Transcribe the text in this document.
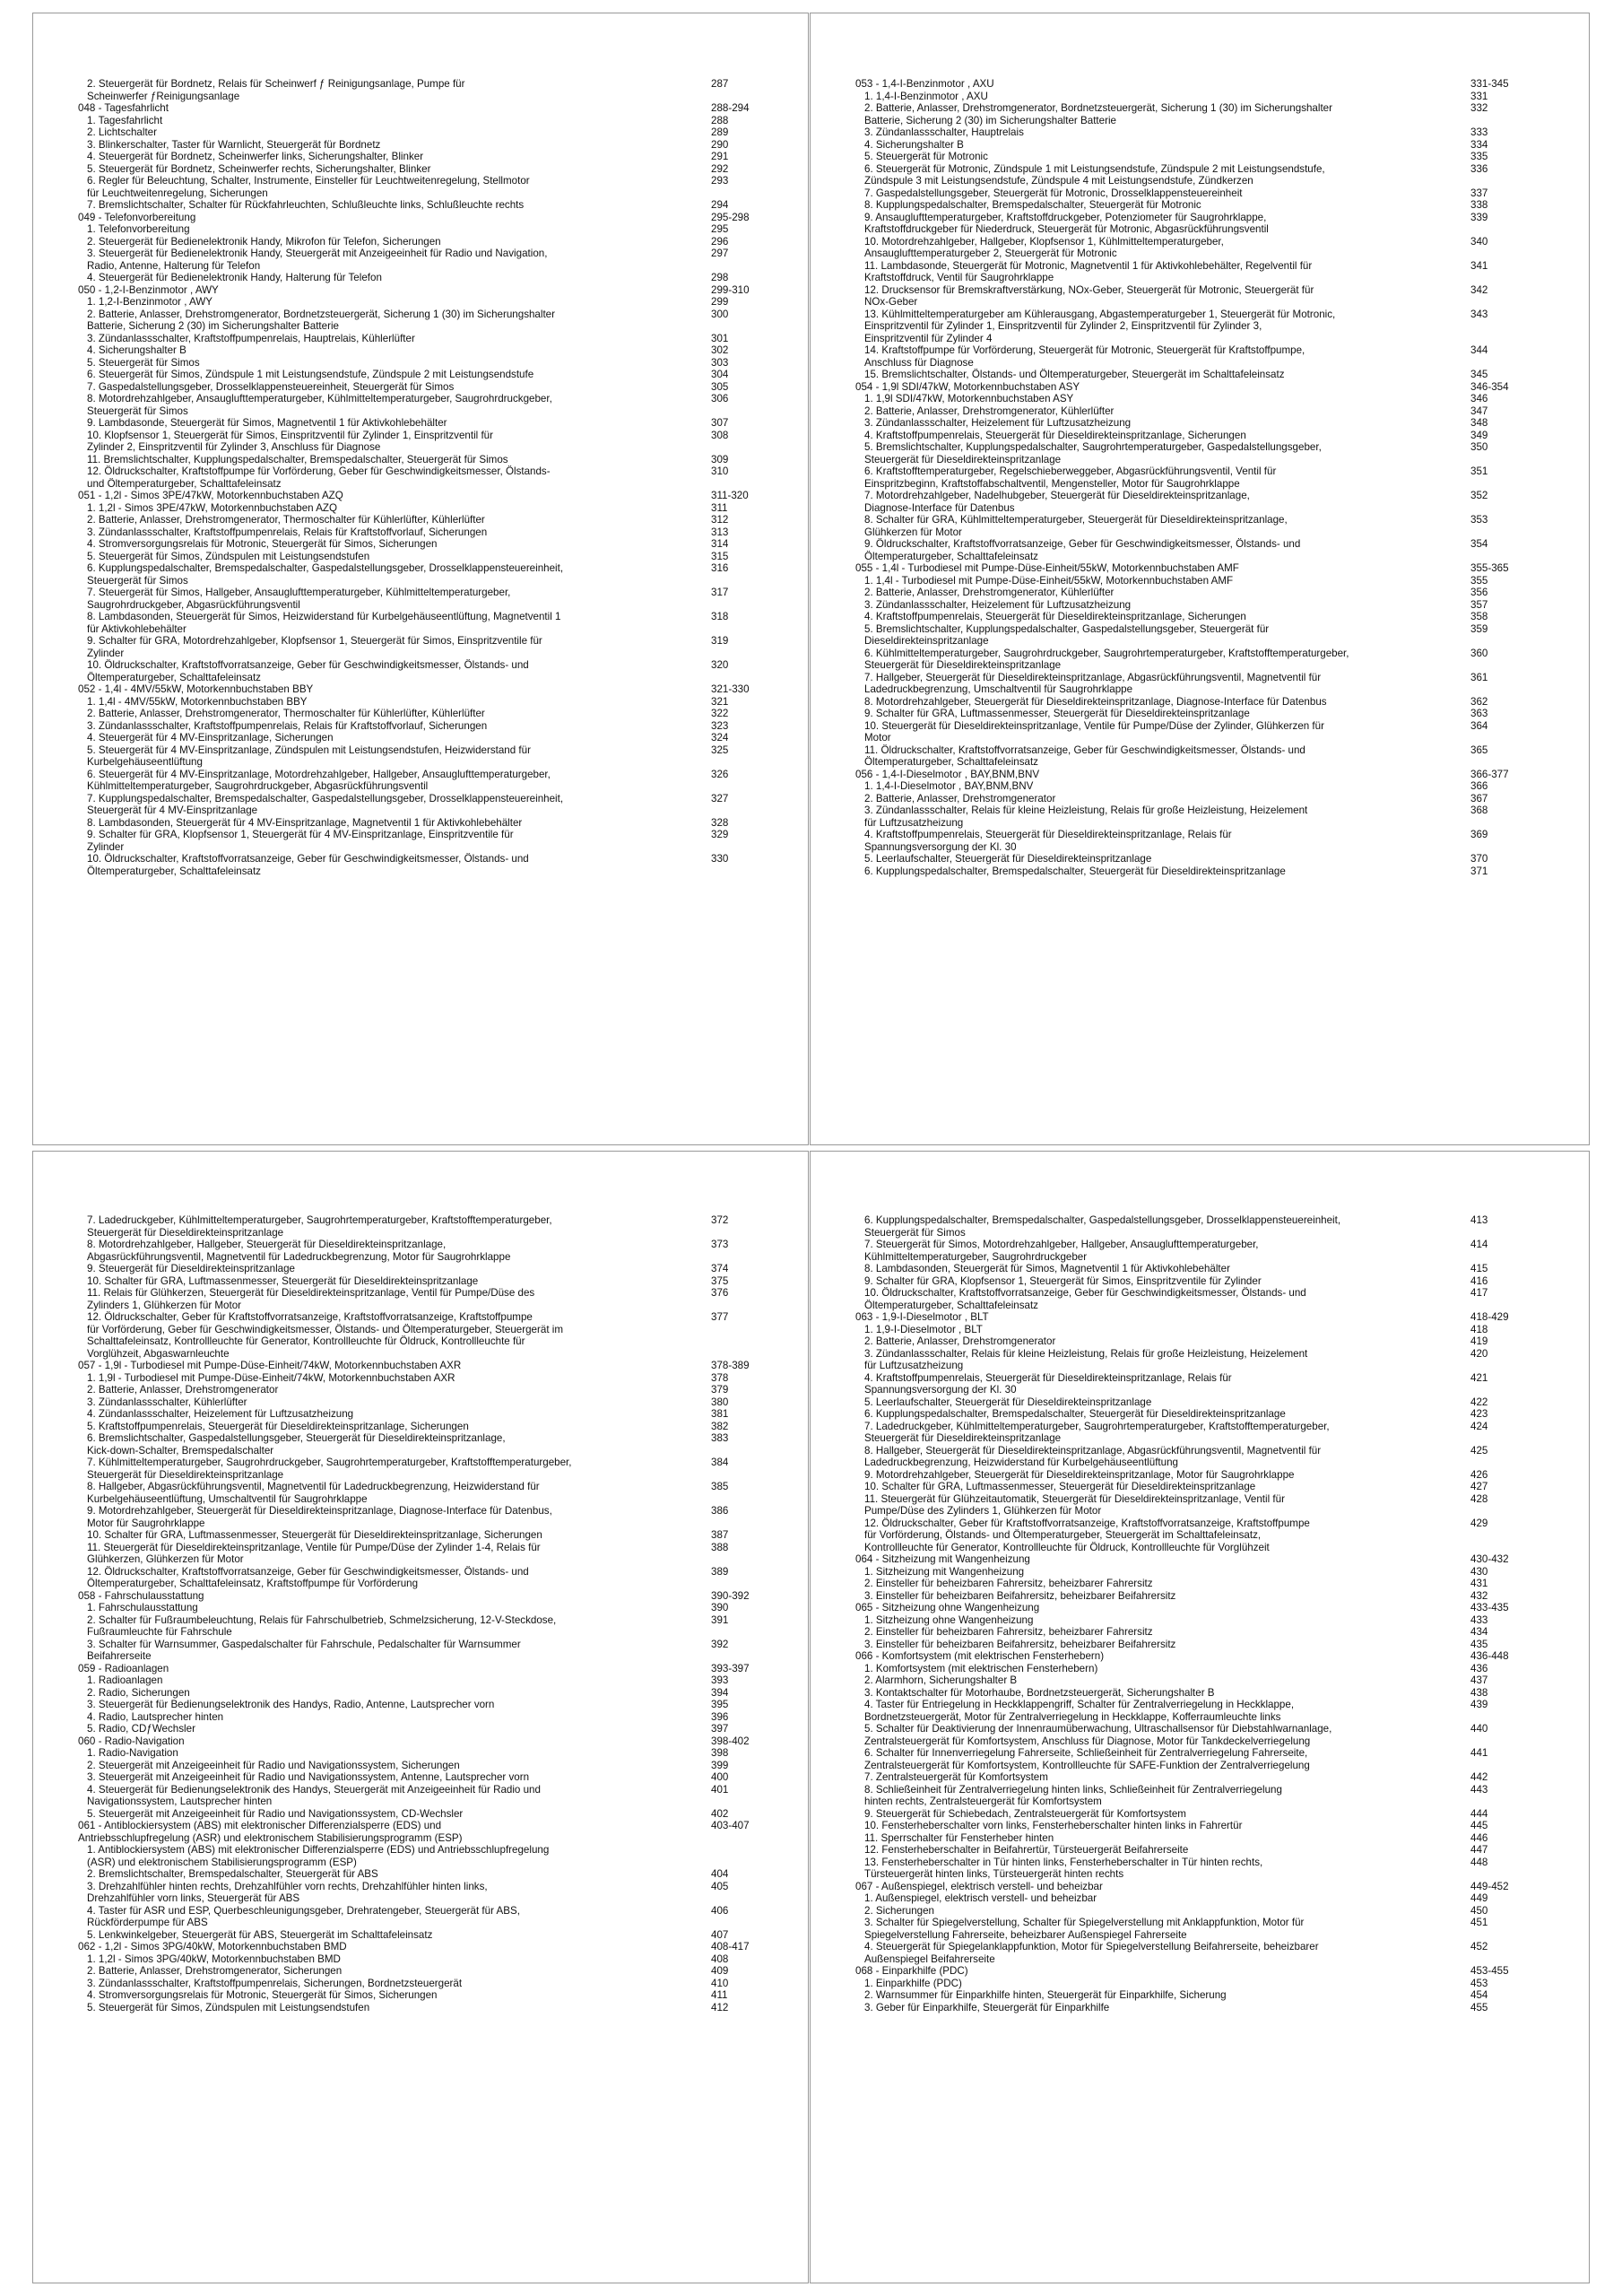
2. Steuergerät für Bordnetz, Relais für Scheinwerf ƒ Reinigungsanlage, Pumpe für	287
Scheinwerfer ƒReinigungsanlage
048 - Tagesfahrlicht	288-294
1. Tagesfahrlicht	288
2. Lichtschalter	289
3. Blinkerschalter, Taster für Warnlicht, Steuergerät für Bordnetz	290
4. Steuergerät für Bordnetz, Scheinwerfer links, Sicherungshalter, Blinker	291
5. Steuergerät für Bordnetz, Scheinwerfer rechts, Sicherungshalter, Blinker	292
6. Regler für Beleuchtung, Schalter, Instrumente, Einsteller für Leuchtweitenregelung, Stellmotor	293
für Leuchtweitenregelung, Sicherungen
7. Bremslichtschalter, Schalter für Rückfahrleuchten, Schlußleuchte links, Schlußleuchte rechts	294
049 - Telefonvorbereitung	295-298
1. Telefonvorbereitung	295
2. Steuergerät für Bedienelektronik Handy, Mikrofon für Telefon, Sicherungen	296
3. Steuergerät für Bedienelektronik Handy, Steuergerät mit Anzeigeeinheit für Radio und Navigation,	297
Radio, Antenne, Halterung für Telefon
4. Steuergerät für Bedienelektronik Handy, Halterung für Telefon	298
050 - 1,2-I-Benzinmotor , AWY	299-310
1. 1,2-I-Benzinmotor , AWY	299
2. Batterie, Anlasser, Drehstromgenerator, Bordnetzsteuergerät, Sicherung 1 (30) im Sicherungshalter	300
Batterie, Sicherung 2 (30) im Sicherungshalter Batterie
3. Zündanlassschalter, Kraftstoffpumpenrelais, Hauptrelais, Kühlerlüfter	301
4. Sicherungshalter B	302
5. Steuergerät für Simos	303
6. Steuergerät für Simos, Zündspule 1 mit Leistungsendstufe, Zündspule 2 mit Leistungsendstufe	304
7. Gaspedalstellungsgeber, Drosselklappensteuereinheit, Steuergerät für Simos	305
8. Motordrehzahlgeber, Ansauglufttemperaturgeber, Kühlmitteltemperaturgeber, Saugrohrdruckgeber,	306
Steuergerät für Simos
9. Lambdasonde, Steuergerät für Simos, Magnetventil 1 für Aktivkohlebehälter	307
10. Klopfsensor 1, Steuergerät für Simos, Einspritzventil für Zylinder 1, Einspritzventil für	308
Zylinder 2, Einspritzventil für Zylinder 3, Anschluss für Diagnose
11. Bremslichtschalter, Kupplungspedalschalter, Bremspedalschalter, Steuergerät für Simos	309
12. Öldruckschalter, Kraftstoffpumpe für Vorförderung, Geber für Geschwindigkeitsmesser, Ölstands-	310
und Öltemperaturgeber, Schalttafeleinsatz
051 - 1,2l - Simos 3PE/47kW, Motorkennbuchstaben AZQ	311-320
1. 1,2l - Simos 3PE/47kW, Motorkennbuchstaben AZQ	311
2. Batterie, Anlasser, Drehstromgenerator, Thermoschalter für Kühlerlüfter, Kühlerlüfter	312
3. Zündanlassschalter, Kraftstoffpumpenrelais, Relais für Kraftstoffvorlauf, Sicherungen	313
4. Stromversorgungsrelais für Motronic, Steuergerät für Simos, Sicherungen	314
5. Steuergerät für Simos, Zündspulen mit Leistungsendstufen	315
6. Kupplungspedalschalter, Bremspedalschalter, Gaspedalstellungsgeber, Drosselklappensteuereinheit,	316
Steuergerät für Simos
7. Steuergerät für Simos, Hallgeber, Ansauglufttemperaturgeber, Kühlmitteltemperaturgeber,	317
Saugrohrdruckgeber, Abgasrückführungsventil
8. Lambdasonden, Steuergerät für Simos, Heizwiderstand für Kurbelgehäuseentlüftung, Magnetventil 1	318
für Aktivkohlebehälter
9. Schalter für GRA, Motordrehzahlgeber, Klopfsensor 1, Steuergerät für Simos, Einspritzventile für	319
Zylinder
10. Öldruckschalter, Kraftstoffvorratsanzeige, Geber für Geschwindigkeitsmesser, Ölstands- und	320
Öltemperaturgeber, Schalttafeleinsatz
052 - 1,4l - 4MV/55kW, Motorkennbuchstaben BBY	321-330
1. 1,4l - 4MV/55kW, Motorkennbuchstaben BBY	321
2. Batterie, Anlasser, Drehstromgenerator, Thermoschalter für Kühlerlüfter, Kühlerlüfter	322
3. Zündanlassschalter, Kraftstoffpumpenrelais, Relais für Kraftstoffvorlauf, Sicherungen	323
4. Steuergerät für 4 MV-Einspritzanlage, Sicherungen	324
5. Steuergerät für 4 MV-Einspritzanlage, Zündspulen mit Leistungsendstufen, Heizwiderstand für	325
Kurbelgehäuseentlüftung
6. Steuergerät für 4 MV-Einspritzanlage, Motordrehzahlgeber, Hallgeber, Ansauglufttemperaturgeber,	326
Kühlmitteltemperaturgeber, Saugrohrdruckgeber, Abgasrückführungsventil
7. Kupplungspedalschalter, Bremspedalschalter, Gaspedalstellungsgeber, Drosselklappensteuereinheit,	327
Steuergerät für 4 MV-Einspritzanlage
8. Lambdasonden, Steuergerät für 4 MV-Einspritzanlage, Magnetventil 1 für Aktivkohlebehälter	328
9. Schalter für GRA, Klopfsensor 1, Steuergerät für 4 MV-Einspritzanlage, Einspritzventile für	329
Zylinder
10. Öldruckschalter, Kraftstoffvorratsanzeige, Geber für Geschwindigkeitsmesser, Ölstands- und	330
Öltemperaturgeber, Schalttafeleinsatz
053 - 1,4-I-Benzinmotor , AXU	331-345
1. 1,4-I-Benzinmotor , AXU	331
2. Batterie, Anlasser, Drehstromgenerator, Bordnetzsteuergerät, Sicherung 1 (30) im Sicherungshalter	332
Batterie, Sicherung 2 (30) im Sicherungshalter Batterie
3. Zündanlassschalter, Hauptrelais	333
4. Sicherungshalter B	334
5. Steuergerät für Motronic	335
6. Steuergerät für Motronic, Zündspule 1 mit Leistungsendstufe, Zündspule 2 mit Leistungsendstufe,	336
Zündspule 3 mit Leistungsendstufe, Zündspule 4 mit Leistungsendstufe, Zündkerzen
7. Gaspedalstellungsgeber, Steuergerät für Motronic, Drosselklappensteuereinheit	337
8. Kupplungspedalschalter, Bremspedalschalter, Steuergerät für Motronic	338
9. Ansauglufttemperaturgeber, Kraftstoffdruckgeber, Potenziometer für Saugrohrklappe,	339
Kraftstoffdruckgeber für Niederdruck, Steuergerät für Motronic, Abgasrückführungsventil
10. Motordrehzahlgeber, Hallgeber, Klopfsensor 1, Kühlmitteltemperaturgeber,	340
Ansauglufttemperaturgeber 2, Steuergerät für Motronic
11. Lambdasonde, Steuergerät für Motronic, Magnetventil 1 für Aktivkohlebehälter, Regelventil für	341
Kraftstoffdruck, Ventil für Saugrohrklappe
12. Drucksensor für Bremskraftverstärkung, NOx-Geber, Steuergerät für Motronic, Steuergerät für	342
NOx-Geber
13. Kühlmitteltemperaturgeber am Kühlerausgang, Abgastemperaturgeber 1, Steuergerät für Motronic,	343
Einspritzventil für Zylinder 1, Einspritzventil für Zylinder 2, Einspritzventil für Zylinder 3,
Einspritzventil für Zylinder 4
14. Kraftstoffpumpe für Vorförderung, Steuergerät für Motronic, Steuergerät für Kraftstoffpumpe,	344
Anschluss für Diagnose
15. Bremslichtschalter, Ölstands- und Öltemperaturgeber, Steuergerät im Schalttafeleinsatz	345
054 - 1,9l SDI/47kW, Motorkennbuchstaben ASY	346-354
1. 1,9l SDI/47kW, Motorkennbuchstaben ASY	346
2. Batterie, Anlasser, Drehstromgenerator, Kühlerlüfter	347
3. Zündanlassschalter, Heizelement für Luftzusatzheizung	348
4. Kraftstoffpumpenrelais, Steuergerät für Dieseldirekteinspritzanlage, Sicherungen	349
5. Bremslichtschalter, Kupplungspedalschalter, Saugrohrtemperaturgeber, Gaspedalstellungsgeber,	350
Steuergerät für Dieseldirekteinspritzanlage
6. Kraftstofftemperaturgeber, Regelschieberweggeber, Abgasrückführungsventil, Ventil für	351
Einspritzbeginn, Kraftstoffabschaltventil, Mengensteller, Motor für Saugrohrklappe
7. Motordrehzahlgeber, Nadelhubgeber, Steuergerät für Dieseldirekteinspritzanlage,	352
Diagnose-Interface für Datenbus
8. Schalter für GRA, Kühlmitteltemperaturgeber, Steuergerät für Dieseldirekteinspritzanlage,	353
Glühkerzen für Motor
9. Öldruckschalter, Kraftstoffvorratsanzeige, Geber für Geschwindigkeitsmesser, Ölstands- und	354
Öltemperaturgeber, Schalttafeleinsatz
055 - 1,4l - Turbodiesel mit Pumpe-Düse-Einheit/55kW, Motorkennbuchstaben AMF	355-365
1. 1,4l - Turbodiesel mit Pumpe-Düse-Einheit/55kW, Motorkennbuchstaben AMF	355
2. Batterie, Anlasser, Drehstromgenerator, Kühlerlüfter	356
3. Zündanlassschalter, Heizelement für Luftzusatzheizung	357
4. Kraftstoffpumpenrelais, Steuergerät für Dieseldirekteinspritzanlage, Sicherungen	358
5. Bremslichtschalter, Kupplungspedalschalter, Gaspedalstellungsgeber, Steuergerät für	359
Dieseldirekteinspritzanlage
6. Kühlmitteltemperaturgeber, Saugrohrdruckgeber, Saugrohrtemperaturgeber, Kraftstofftemperaturgeber,	360
Steuergerät für Dieseldirekteinspritzanlage
7. Hallgeber, Steuergerät für Dieseldirekteinspritzanlage, Abgasrückführungsventil, Magnetventil für	361
Ladedruckbegrenzung, Umschaltventil für Saugrohrklappe
8. Motordrehzahlgeber, Steuergerät für Dieseldirekteinspritzanlage, Diagnose-Interface für Datenbus	362
9. Schalter für GRA, Luftmassenmesser, Steuergerät für Dieseldirekteinspritzanlage	363
10. Steuergerät für Dieseldirekteinspritzanlage, Ventile für Pumpe/Düse der Zylinder, Glühkerzen für	364
Motor
11. Öldruckschalter, Kraftstoffvorratsanzeige, Geber für Geschwindigkeitsmesser, Ölstands- und	365
Öltemperaturgeber, Schalttafeleinsatz
056 - 1,4-I-Dieselmotor , BAY,BNM,BNV	366-377
1. 1,4-I-Dieselmotor , BAY,BNM,BNV	366
2. Batterie, Anlasser, Drehstromgenerator	367
3. Zündanlassschalter, Relais für kleine Heizleistung, Relais für große Heizleistung, Heizelement	368
für Luftzusatzheizung
4. Kraftstoffpumpenrelais, Steuergerät für Dieseldirekteinspritzanlage, Relais für	369
Spannungsversorgung der Kl. 30
5. Leerlaufschalter, Steuergerät für Dieseldirekteinspritzanlage	370
6. Kupplungspedalschalter, Bremspedalschalter, Steuergerät für Dieseldirekteinspritzanlage	371
7. Ladedruckgeber, Kühlmitteltemperaturgeber, Saugrohrtemperaturgeber, Kraftstofftemperaturgeber,	372
Steuergerät für Dieseldirekteinspritzanlage
8. Motordrehzahlgeber, Hallgeber, Steuergerät für Dieseldirekteinspritzanlage,	373
Abgasrückführungsventil, Magnetventil für Ladedruckbegrenzung, Motor für Saugrohrklappe
9. Steuergerät für Dieseldirekteinspritzanlage	374
10. Schalter für GRA, Luftmassenmesser, Steuergerät für Dieseldirekteinspritzanlage	375
11. Relais für Glühkerzen, Steuergerät für Dieseldirekteinspritzanlage, Ventil für Pumpe/Düse des	376
Zylinders 1, Glühkerzen für Motor
12. Öldruckschalter, Geber für Kraftstoffvorratsanzeige, Kraftstoffvorratsanzeige, Kraftstoffpumpe	377
für Vorförderung, Geber für Geschwindigkeitsmesser, Ölstands- und Öltemperaturgeber, Steuergerät im
Schalttafeleinsatz, Kontrollleuchte für Generator, Kontrollleuchte für Öldruck, Kontrollleuchte für
Vorglühzeit, Abgaswarnleuchte
057 - 1,9l - Turbodiesel mit Pumpe-Düse-Einheit/74kW, Motorkennbuchstaben AXR	378-389
1. 1,9l - Turbodiesel mit Pumpe-Düse-Einheit/74kW, Motorkennbuchstaben AXR	378
2. Batterie, Anlasser, Drehstromgenerator	379
3. Zündanlassschalter, Kühlerlüfter	380
4. Zündanlassschalter, Heizelement für Luftzusatzheizung	381
5. Kraftstoffpumpenrelais, Steuergerät für Dieseldirekteinspritzanlage, Sicherungen	382
6. Bremslichtschalter, Gaspedalstellungsgeber, Steuergerät für Dieseldirekteinspritzanlage,	383
Kick-down-Schalter, Bremspedalschalter
7. Kühlmitteltemperaturgeber, Saugrohrdruckgeber, Saugrohrtemperaturgeber, Kraftstofftemperaturgeber,	384
Steuergerät für Dieseldirekteinspritzanlage
8. Hallgeber, Abgasrückführungsventil, Magnetventil für Ladedruckbegrenzung, Heizwiderstand für	385
Kurbelgehäuseentlüftung, Umschaltventil für Saugrohrklappe
9. Motordrehzahlgeber, Steuergerät für Dieseldirekteinspritzanlage, Diagnose-Interface für Datenbus,	386
Motor für Saugrohrklappe
10. Schalter für GRA, Luftmassenmesser, Steuergerät für Dieseldirekteinspritzanlage, Sicherungen	387
11. Steuergerät für Dieseldirekteinspritzanlage, Ventile für Pumpe/Düse der Zylinder 1-4, Relais für	388
Glühkerzen, Glühkerzen für Motor
12. Öldruckschalter, Kraftstoffvorratsanzeige, Geber für Geschwindigkeitsmesser, Ölstands- und	389
Öltemperaturgeber, Schalttafeleinsatz, Kraftstoffpumpe für Vorförderung
058 - Fahrschulausstattung	390-392
1. Fahrschulausstattung	390
2. Schalter für Fußraumbeleuchtung, Relais für Fahrschulbetrieb, Schmelzsicherung, 12-V-Steckdose,	391
Fußraumleuchte für Fahrschule
3. Schalter für Warnsummer, Gaspedalschalter für Fahrschule, Pedalschalter für Warnsummer	392
Beifahrerseite
059 - Radioanlagen	393-397
1. Radioanlagen	393
2. Radio, Sicherungen	394
3. Steuergerät für Bedienungselektronik des Handys, Radio, Antenne, Lautsprecher vorn	395
4. Radio, Lautsprecher hinten	396
5. Radio, CDƒWechsler	397
060 - Radio-Navigation	398-402
1. Radio-Navigation	398
2. Steuergerät mit Anzeigeeinheit für Radio und Navigationssystem, Sicherungen	399
3. Steuergerät mit Anzeigeeinheit für Radio und Navigationssystem, Antenne, Lautsprecher vorn	400
4. Steuergerät für Bedienungselektronik des Handys, Steuergerät mit Anzeigeeinheit für Radio und	401
Navigationssystem, Lautsprecher hinten
5. Steuergerät mit Anzeigeeinheit für Radio und Navigationssystem, CD-Wechsler	402
061 - Antiblockiersystem (ABS) mit elektronischer Differenzialsperre (EDS) und	403-407
Antriebsschlupfregelung (ASR) und elektronischem Stabilisierungsprogramm (ESP)
1. Antiblockiersystem (ABS) mit elektronischer Differenzialsperre (EDS) und Antriebsschlupfregelung
(ASR) und elektronischem Stabilisierungsprogramm (ESP)
2. Bremslichtschalter, Bremspedalschalter, Steuergerät für ABS	404
3. Drehzahlfühler hinten rechts, Drehzahlfühler vorn rechts, Drehzahlfühler hinten links,	405
Drehzahlfühler vorn links, Steuergerät für ABS
4. Taster für ASR und ESP, Querbeschleunigungsgeber, Drehratengeber, Steuergerät für ABS,	406
Rückförderpumpe für ABS
5. Lenkwinkelgeber, Steuergerät für ABS, Steuergerät im Schalttafeleinsatz	407
062 - 1,2l - Simos 3PG/40kW, Motorkennbuchstaben BMD	408-417
1. 1,2l - Simos 3PG/40kW, Motorkennbuchstaben BMD	408
2. Batterie, Anlasser, Drehstromgenerator, Sicherungen	409
3. Zündanlassschalter, Kraftstoffpumpenrelais, Sicherungen, Bordnetzsteuergerät	410
4. Stromversorgungsrelais für Motronic, Steuergerät für Simos, Sicherungen	411
5. Steuergerät für Simos, Zündspulen mit Leistungsendstufen	412
6. Kupplungspedalschalter, Bremspedalschalter, Gaspedalstellungsgeber, Drosselklappensteuereinheit,	413
Steuergerät für Simos
7. Steuergerät für Simos, Motordrehzahlgeber, Hallgeber, Ansauglufttemperaturgeber,	414
Kühlmitteltemperaturgeber, Saugrohrdruckgeber
8. Lambdasonden, Steuergerät für Simos, Magnetventil 1 für Aktivkohlebehälter	415
9. Schalter für GRA, Klopfsensor 1, Steuergerät für Simos, Einspritzventile für Zylinder	416
10. Öldruckschalter, Kraftstoffvorratsanzeige, Geber für Geschwindigkeitsmesser, Ölstands- und	417
Öltemperaturgeber, Schalttafeleinsatz
063 - 1,9-I-Dieselmotor , BLT	418-429
1. 1,9-I-Dieselmotor , BLT	418
2. Batterie, Anlasser, Drehstromgenerator	419
3. Zündanlassschalter, Relais für kleine Heizleistung, Relais für große Heizleistung, Heizelement	420
für Luftzusatzheizung
4. Kraftstoffpumpenrelais, Steuergerät für Dieseldirekteinspritzanlage, Relais für	421
Spannungsversorgung der Kl. 30
5. Leerlaufschalter, Steuergerät für Dieseldirekteinspritzanlage	422
6. Kupplungspedalschalter, Bremspedalschalter, Steuergerät für Dieseldirekteinspritzanlage	423
7. Ladedruckgeber, Kühlmitteltemperaturgeber, Saugrohrtemperaturgeber, Kraftstofftemperaturgeber,	424
Steuergerät für Dieseldirekteinspritzanlage
8. Hallgeber, Steuergerät für Dieseldirekteinspritzanlage, Abgasrückführungsventil, Magnetventil für	425
Ladedruckbegrenzung, Heizwiderstand für Kurbelgehäuseentlüftung
9. Motordrehzahlgeber, Steuergerät für Dieseldirekteinspritzanlage, Motor für Saugrohrklappe	426
10. Schalter für GRA, Luftmassenmesser, Steuergerät für Dieseldirekteinspritzanlage	427
11. Steuergerät für Glühzeitautomatik, Steuergerät für Dieseldirekteinspritzanlage, Ventil für	428
Pumpe/Düse des Zylinders 1, Glühkerzen für Motor
12. Öldruckschalter, Geber für Kraftstoffvorratsanzeige, Kraftstoffvorratsanzeige, Kraftstoffpumpe	429
für Vorförderung, Ölstands- und Öltemperaturgeber, Steuergerät im Schalttafeleinsatz,
Kontrollleuchte für Generator, Kontrollleuchte für Öldruck, Kontrollleuchte für Vorglühzeit
064 - Sitzheizung mit Wangenheizung	430-432
1. Sitzheizung mit Wangenheizung	430
2. Einsteller für beheizbaren Fahrersitz, beheizbarer Fahrersitz	431
3. Einsteller für beheizbaren Beifahrersitz, beheizbarer Beifahrersitz	432
065 - Sitzheizung ohne Wangenheizung	433-435
1. Sitzheizung ohne Wangenheizung	433
2. Einsteller für beheizbaren Fahrersitz, beheizbarer Fahrersitz	434
3. Einsteller für beheizbaren Beifahrersitz, beheizbarer Beifahrersitz	435
066 - Komfortsystem (mit elektrischen Fensterhebern)	436-448
1. Komfortsystem (mit elektrischen Fensterhebern)	436
2. Alarmhorn, Sicherungshalter B	437
3. Kontaktschalter für Motorhaube, Bordnetzsteuergerät, Sicherungshalter B	438
4. Taster für Entriegelung in Heckklappengriff, Schalter für Zentralverriegelung in Heckklappe,	439
Bordnetzsteuergerät, Motor für Zentralverriegelung in Heckklappe, Kofferraumleuchte links
5. Schalter für Deaktivierung der Innenraumüberwachung, Ultraschallsensor für Diebstahlwarnanlage,	440
Zentralsteuergerät für Komfortsystem, Anschluss für Diagnose, Motor für Tankdeckelverriegelung
6. Schalter für Innenverriegelung Fahrerseite, Schließeinheit für Zentralverriegelung Fahrerseite,	441
Zentralsteuergerät für Komfortsystem, Kontrollleuchte für SAFE-Funktion der Zentralverriegelung
7. Zentralsteuergerät für Komfortsystem	442
8. Schließeinheit für Zentralverriegelung hinten links, Schließeinheit für Zentralverriegelung	443
hinten rechts, Zentralsteuergerät für Komfortsystem
9. Steuergerät für Schiebedach, Zentralsteuergerät für Komfortsystem	444
10. Fensterheberschalter vorn links, Fensterheberschalter hinten links in Fahrertür	445
11. Sperrschalter für Fensterheber hinten	446
12. Fensterheberschalter in Beifahrertür, Türsteuergerät Beifahrerseite	447
13. Fensterheberschalter in Tür hinten links, Fensterheberschalter in Tür hinten rechts,	448
Türsteuergerät hinten links, Türsteuergerät hinten rechts
067 - Außenspiegel, elektrisch verstell- und beheizbar	449-452
1. Außenspiegel, elektrisch verstell- und beheizbar	449
2. Sicherungen	450
3. Schalter für Spiegelverstellung, Schalter für Spiegelverstellung mit Anklappfunktion, Motor für	451
Spiegelverstellung Fahrerseite, beheizbarer Außenspiegel Fahrerseite
4. Steuergerät für Spiegelanklappfunktion, Motor für Spiegelverstellung Beifahrerseite, beheizbarer	452
Außenspiegel Beifahrerseite
068 - Einparkhilfe (PDC)	453-455
1. Einparkhilfe (PDC)	453
2. Warnsummer für Einparkhilfe hinten, Steuergerät für Einparkhilfe, Sicherung	454
3. Geber für Einparkhilfe, Steuergerät für Einparkhilfe	455
